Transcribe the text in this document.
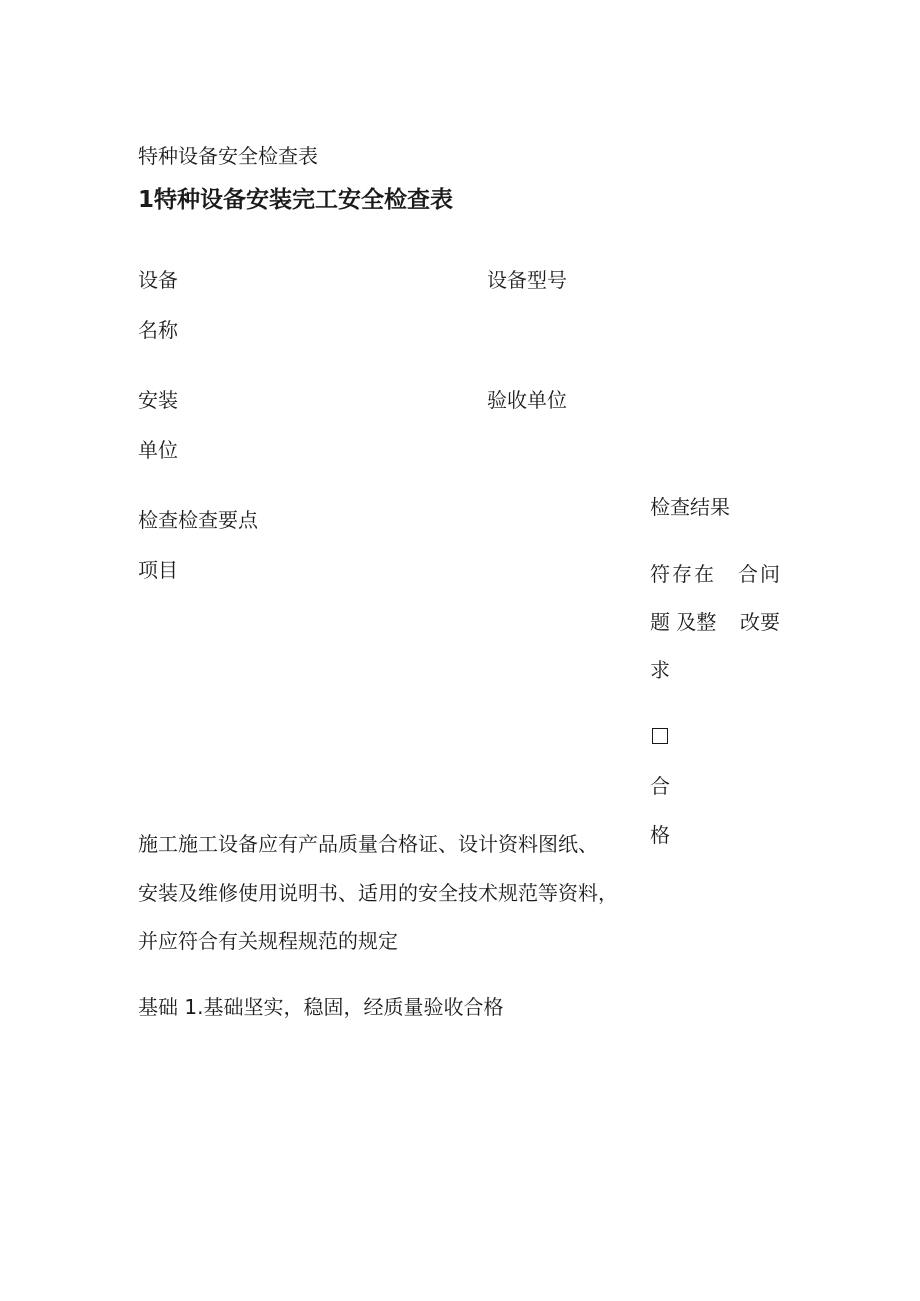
特种设备安全检查表
1特种设备安装完工安全检查表
设备
名称
设备型号
安装
单位
验收单位
检查检查要点
项目
检查结果
符存在 合问
题 及整 改要
求
合
格
施工施工设备应有产品质量合格证、设计资料图纸、
安装及维修使用说明书、适用的安全技术规范等资料，
并应符合有关规程规范的规定
基础 1.基础坚实，稳固，经质量验收合格
